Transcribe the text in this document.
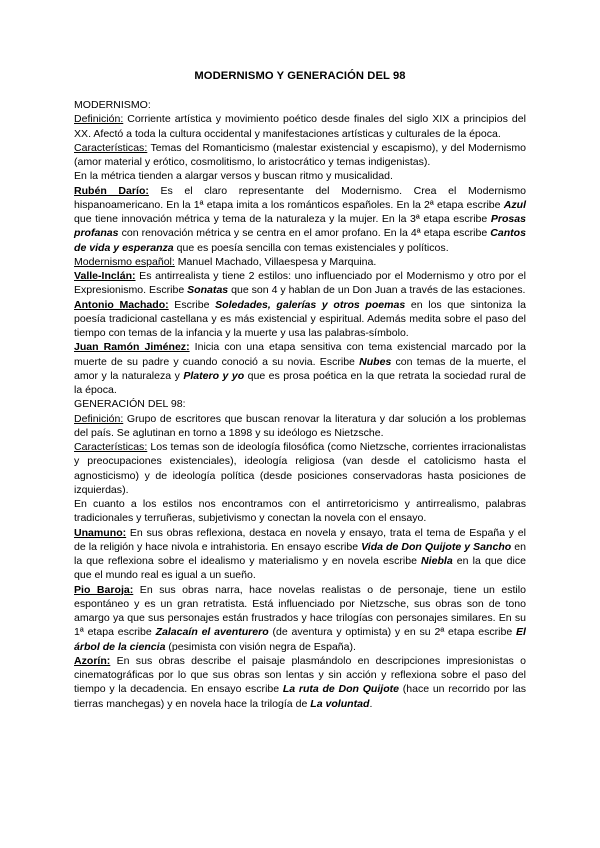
MODERNISMO Y GENERACIÓN DEL 98
MODERNISMO:

Definición: Corriente artística y movimiento poético desde finales del siglo XIX a principios del XX. Afectó a toda la cultura occidental y manifestaciones artísticas y culturales de la época.

Características: Temas del Romanticismo (malestar existencial y escapismo), y del Modernismo (amor material y erótico, cosmolitismo, lo aristocrático y temas indigenistas).

En la métrica tienden a alargar versos y buscan ritmo y musicalidad.

Rubén Darío: Es el claro representante del Modernismo. Crea el Modernismo hispanoamericano. En la 1ª etapa imita a los románticos españoles. En la 2ª etapa escribe Azul que tiene innovación métrica y tema de la naturaleza y la mujer. En la 3ª etapa escribe Prosas profanas con renovación métrica y se centra en el amor profano. En la 4ª etapa escribe Cantos de vida y esperanza que es poesía sencilla con temas existenciales y políticos.

Modernismo español: Manuel Machado, Villaespesa y Marquina.

Valle-Inclán: Es antirrealista y tiene 2 estilos: uno influenciado por el Modernismo y otro por el Expresionismo. Escribe Sonatas que son 4 y hablan de un Don Juan a través de las estaciones.

Antonio Machado: Escribe Soledades, galerías y otros poemas en los que sintoniza la poesía tradicional castellana y es más existencial y espiritual. Además medita sobre el paso del tiempo con temas de la infancia y la muerte y usa las palabras-símbolo.

Juan Ramón Jiménez: Inicia con una etapa sensitiva con tema existencial marcado por la muerte de su padre y cuando conoció a su novia. Escribe Nubes con temas de la muerte, el amor y la naturaleza y Platero y yo que es prosa poética en la que retrata la sociedad rural de la época.

GENERACIÓN DEL 98:

Definición: Grupo de escritores que buscan renovar la literatura y dar solución a los problemas del país. Se aglutinan en torno a 1898 y su ideólogo es Nietzsche.

Características: Los temas son de ideología filosófica (como Nietzsche, corrientes irracionalistas y preocupaciones existenciales), ideología religiosa (van desde el catolicismo hasta el agnosticismo) y de ideología política (desde posiciones conservadoras hasta posiciones de izquierdas).

En cuanto a los estilos nos encontramos con el antirretoricismo y antirrealismo, palabras tradicionales y terruñeras, subjetivismo y conectan la novela con el ensayo.

Unamuno: En sus obras reflexiona, destaca en novela y ensayo, trata el tema de España y el de la religión y hace nivola e intrahistoria. En ensayo escribe Vida de Don Quijote y Sancho en la que reflexiona sobre el idealismo y materialismo y en novela escribe Niebla en la que dice que el mundo real es igual a un sueño.

Pio Baroja: En sus obras narra, hace novelas realistas o de personaje, tiene un estilo espontáneo y es un gran retratista. Está influenciado por Nietzsche, sus obras son de tono amargo ya que sus personajes están frustrados y hace trilogías con personajes similares. En su 1ª etapa escribe Zalacaín el aventurero (de aventura y optimista) y en su 2ª etapa escribe El árbol de la ciencia (pesimista con visión negra de España).

Azorín: En sus obras describe el paisaje plasmándolo en descripciones impresionistas o cinematográficas por lo que sus obras son lentas y sin acción y reflexiona sobre el paso del tiempo y la decadencia. En ensayo escribe La ruta de Don Quijote (hace un recorrido por las tierras manchegas) y en novela hace la trilogía de La voluntad.
